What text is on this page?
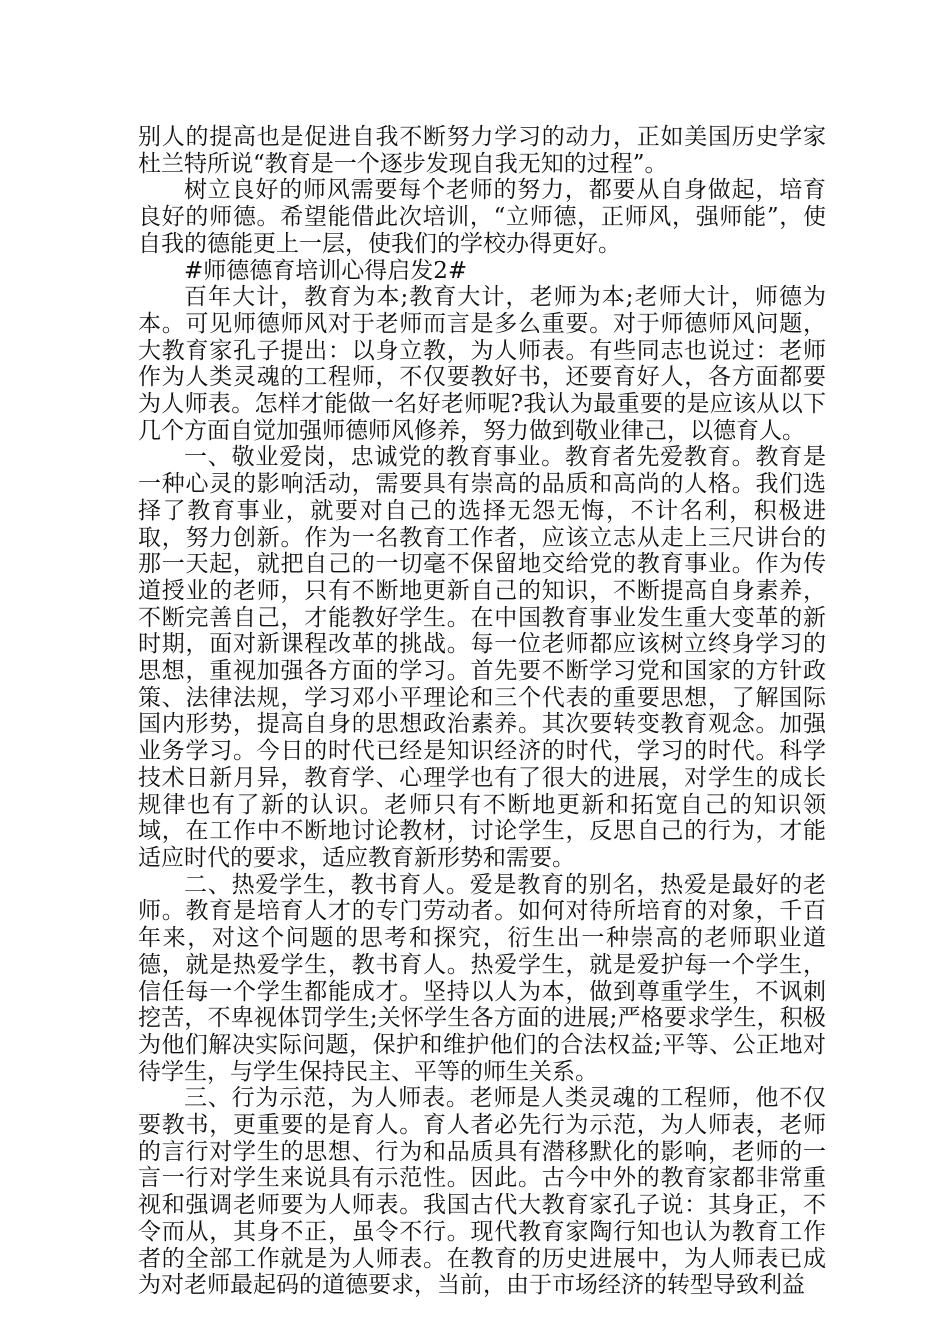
别人的提高也是促进自我不断努力学习的动力，正如美国历史学家杜兰特所说“教育是一个逐步发现自我无知的过程”。

树立良好的师风需要每个老师的努力，都要从自身做起，培育良好的师德。希望能借此次培训，“立师德，正师风，强师能”，使自我的德能更上一层，使我们的学校办得更好。

#师德德育培训心得启发2#

百年大计，教育为本;教育大计，老师为本;老师大计，师德为本。可见师德师风对于老师而言是多么重要。对于师德师风问题，大教育家孔子提出：以身立教，为人师表。有些同志也说过：老师作为人类灵魂的工程师，不仅要教好书，还要育好人，各方面都要为人师表。怎样才能做一名好老师呢?我认为最重要的是应该从以下几个方面自觉加强师德师风修养，努力做到敬业律己，以德育人。

一、敬业爱岗，忠诚党的教育事业。教育者先爱教育。教育是一种心灵的影响活动，需要具有崇高的品质和高尚的人格。我们选择了教育事业，就要对自己的选择无怨无悔，不计名利，积极进取，努力创新。作为一名教育工作者，应该立志从走上三尺讲台的那一天起，就把自己的一切毫不保留地交给党的教育事业。作为传道授业的老师，只有不断地更新自己的知识，不断提高自身素养，不断完善自己，才能教好学生。在中国教育事业发生重大变革的新时期，面对新课程改革的挑战。每一位老师都应该树立终身学习的思想，重视加强各方面的学习。首先要不断学习党和国家的方针政策、法律法规，学习邓小平理论和三个代表的重要思想，了解国际国内形势，提高自身的思想政治素养。其次要转变教育观念。加强业务学习。今日的时代已经是知识经济的时代，学习的时代。科学技术日新月异，教育学、心理学也有了很大的进展，对学生的成长规律也有了新的认识。老师只有不断地更新和拓宽自己的知识领域，在工作中不断地讨论教材，讨论学生，反思自己的行为，才能适应时代的要求，适应教育新形势和需要。

二、热爱学生，教书育人。爱是教育的别名，热爱是最好的老师。教育是培育人才的专门劳动者。如何对待所培育的对象，千百年来，对这个问题的思考和探究，衍生出一种崇高的老师职业道德，就是热爱学生，教书育人。热爱学生，就是爱护每一个学生，信任每一个学生都能成才。坚持以人为本，做到尊重学生，不讽刺挖苦，不卑视体罚学生;关怀学生各方面的进展;严格要求学生，积极为他们解决实际问题，保护和维护他们的合法权益;平等、公正地对待学生，与学生保持民主、平等的师生关系。

三、行为示范，为人师表。老师是人类灵魂的工程师，他不仅要教书，更重要的是育人。育人者必先行为示范，为人师表，老师的言行对学生的思想、行为和品质具有潜移默化的影响，老师的一言一行对学生来说具有示范性。因此。古今中外的教育家都非常重视和强调老师要为人师表。我国古代大教育家孔子说：其身正，不令而从，其身不正，虽令不行。现代教育家陶行知也认为教育工作者的全部工作就是为人师表。在教育的历史进展中，为人师表已成为对老师最起码的道德要求，当前，由于市场经济的转型导致利益
